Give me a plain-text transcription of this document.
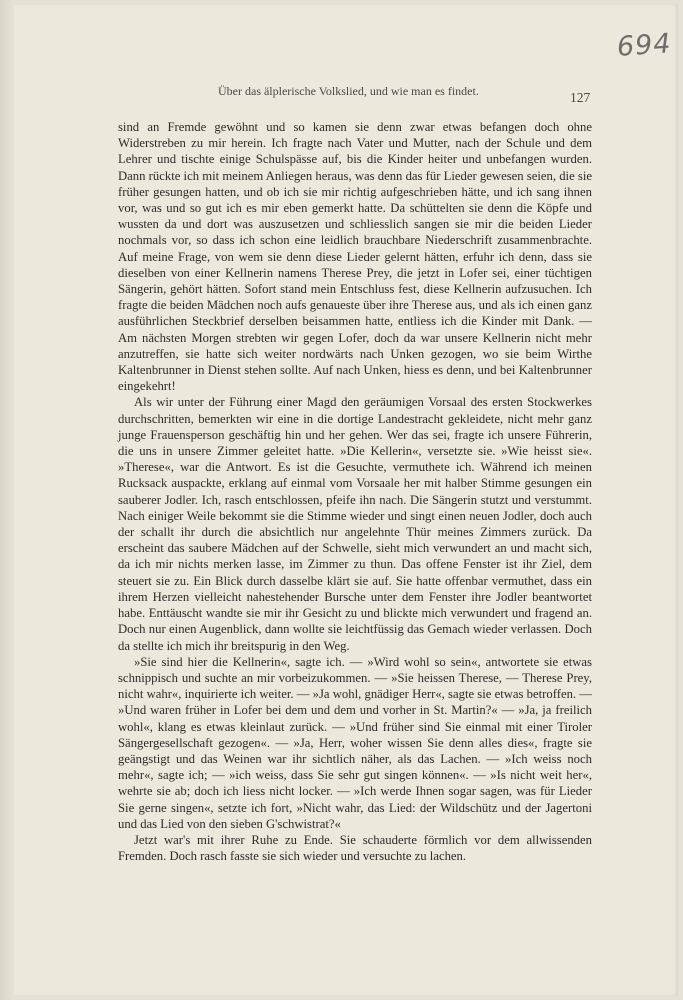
694
Über das älplerische Volkslied, und wie man es findet.	127

sind an Fremde gewöhnt und so kamen sie denn zwar etwas befangen doch ohne Widerstreben zu mir herein. Ich fragte nach Vater und Mutter, nach der Schule und dem Lehrer und tischte einige Schulspässe auf, bis die Kinder heiter und unbefangen wurden. Dann rückte ich mit meinem Anliegen heraus, was denn das für Lieder gewesen seien, die sie früher gesungen hatten, und ob ich sie mir richtig aufgeschrieben hätte, und ich sang ihnen vor, was und so gut ich es mir eben gemerkt hatte. Da schüttelten sie denn die Köpfe und wussten da und dort was auszusetzen und schliesslich sangen sie mir die beiden Lieder nochmals vor, so dass ich schon eine leidlich brauchbare Niederschrift zusammenbrachte. Auf meine Frage, von wem sie denn diese Lieder gelernt hätten, erfuhr ich denn, dass sie dieselben von einer Kellnerin namens Therese Prey, die jetzt in Lofer sei, einer tüchtigen Sängerin, gehört hätten. Sofort stand mein Entschluss fest, diese Kellnerin aufzusuchen. Ich fragte die beiden Mädchen noch aufs genaueste über ihre Therese aus, und als ich einen ganz ausführlichen Steckbrief derselben beisammen hatte, entliess ich die Kinder mit Dank. — Am nächsten Morgen strebten wir gegen Lofer, doch da war unsere Kellnerin nicht mehr anzutreffen, sie hatte sich weiter nordwärts nach Unken gezogen, wo sie beim Wirthe Kaltenbrunner in Dienst stehen sollte. Auf nach Unken, hiess es denn, und bei Kaltenbrunner eingekehrt!

Als wir unter der Führung einer Magd den geräumigen Vorsaal des ersten Stockwerkes durchschritten, bemerkten wir eine in die dortige Landestracht gekleidete, nicht mehr ganz junge Frauensperson geschäftig hin und her gehen. Wer das sei, fragte ich unsere Führerin, die uns in unsere Zimmer geleitet hatte. »Die Kellerin«, versetzte sie. »Wie heisst sie«. »Therese«, war die Antwort. Es ist die Gesuchte, vermuthete ich. Während ich meinen Rucksack auspackte, erklang auf einmal vom Vorsaale her mit halber Stimme gesungen ein sauberer Jodler. Ich, rasch entschlossen, pfeife ihn nach. Die Sängerin stutzt und verstummt. Nach einiger Weile bekommt sie die Stimme wieder und singt einen neuen Jodler, doch auch der schallt ihr durch die absichtlich nur angelehnte Thür meines Zimmers zurück. Da erscheint das saubere Mädchen auf der Schwelle, sieht mich verwundert an und macht sich, da ich mir nichts merken lasse, im Zimmer zu thun. Das offene Fenster ist ihr Ziel, dem steuert sie zu. Ein Blick durch dasselbe klärt sie auf. Sie hatte offenbar vermuthet, dass ein ihrem Herzen vielleicht nahestehender Bursche unter dem Fenster ihre Jodler beantwortet habe. Enttäuscht wandte sie mir ihr Gesicht zu und blickte mich verwundert und fragend an. Doch nur einen Augenblick, dann wollte sie leichtfüssig das Gemach wieder verlassen. Doch da stellte ich mich ihr breitspurig in den Weg.

»Sie sind hier die Kellnerin«, sagte ich. — »Wird wohl so sein«, antwortete sie etwas schnippisch und suchte an mir vorbeizukommen. — »Sie heissen Therese, — Therese Prey, nicht wahr«, inquirierte ich weiter. — »Ja wohl, gnädiger Herr«, sagte sie etwas betroffen. — »Und waren früher in Lofer bei dem und dem und vorher in St. Martin?« — »Ja, ja freilich wohl«, klang es etwas kleinlaut zurück. — »Und früher sind Sie einmal mit einer Tiroler Sängergesellschaft gezogen«. — »Ja, Herr, woher wissen Sie denn alles dies«, fragte sie geängstigt und das Weinen war ihr sichtlich näher, als das Lachen. — »Ich weiss noch mehr«, sagte ich; — »ich weiss, dass Sie sehr gut singen können«. — »Is nicht weit her«, wehrte sie ab; doch ich liess nicht locker. — »Ich werde Ihnen sogar sagen, was für Lieder Sie gerne singen«, setzte ich fort, »Nicht wahr, das Lied: der Wildschütz und der Jagertoni und das Lied von den sieben G'schwistrat?«

Jetzt war's mit ihrer Ruhe zu Ende. Sie schauderte förmlich vor dem allwissenden Fremden. Doch rasch fasste sie sich wieder und versuchte zu lachen.
